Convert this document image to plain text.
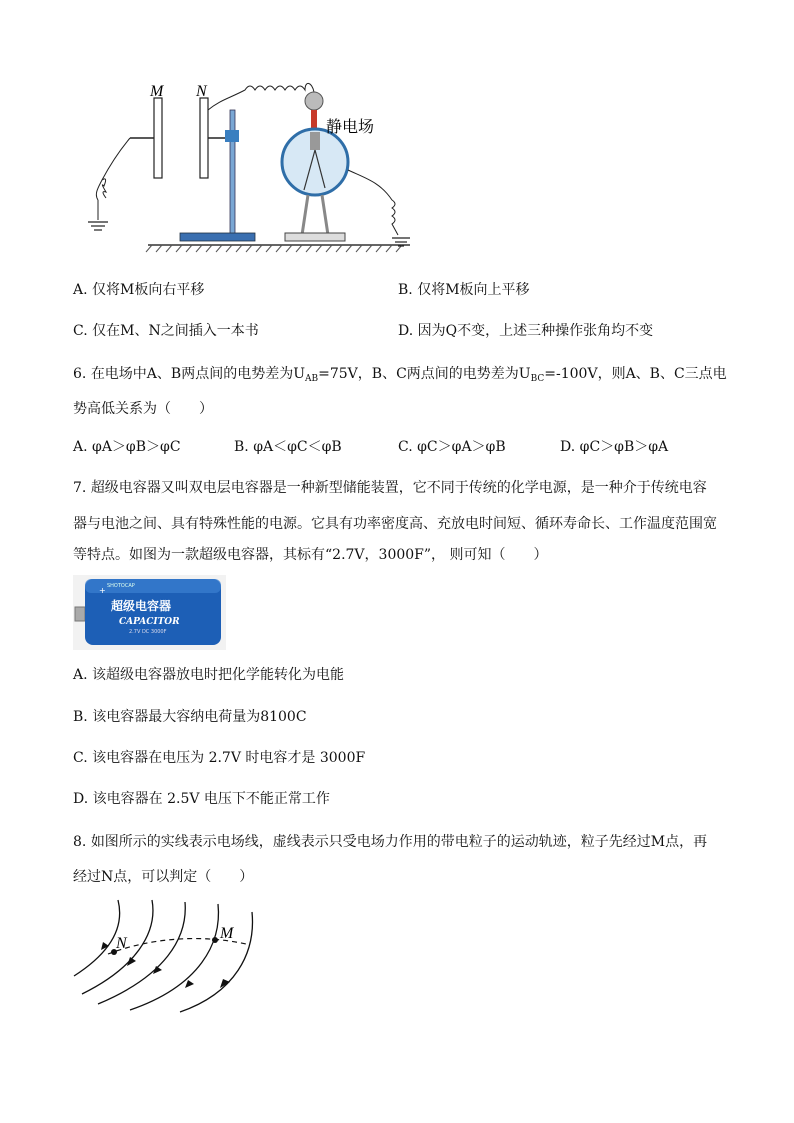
M N
静电场
A. 仅将M板向右平移	B. 仅将M板向上平移
C. 仅在M、N之间插入一本书	D. 因为Q不变，上述三种操作张角均不变
6. 在电场中A、B两点间的电势差为$U_{AB}=75V$，B、C两点间的电势差为$U_{BC}=-100V$，则A、B、C三点电
势高低关系为（　　）
A. φA＞φB＞φC	B. φA＜φC＜φB	C. φC＞φA＞φB	D. φC＞φB＞φA
7. 超级电容器又叫双电层电容器是一种新型储能装置，它不同于传统的化学电源，是一种介于传统电容
器与电池之间、具有特殊性能的电源。它具有功率密度高、充放电时间短、循环寿命长、工作温度范围宽
等特点。如图为一款超级电容器，其标有“2.7V，3000F”， 则可知（　　）
+ SHOTOCAP
超级电容器
CAPACITOR
2.7V DC 3000F
A. 该超级电容器放电时把化学能转化为电能
B. 该电容器最大容纳电荷量为8100C
C. 该电容器在电压为 2.7V 时电容才是 3000F
D. 该电容器在 2.5V 电压下不能正常工作
8. 如图所示的实线表示电场线，虚线表示只受电场力作用的带电粒子的运动轨迹，粒子先经过M点，再
经过N点，可以判定（　　）
N
M
